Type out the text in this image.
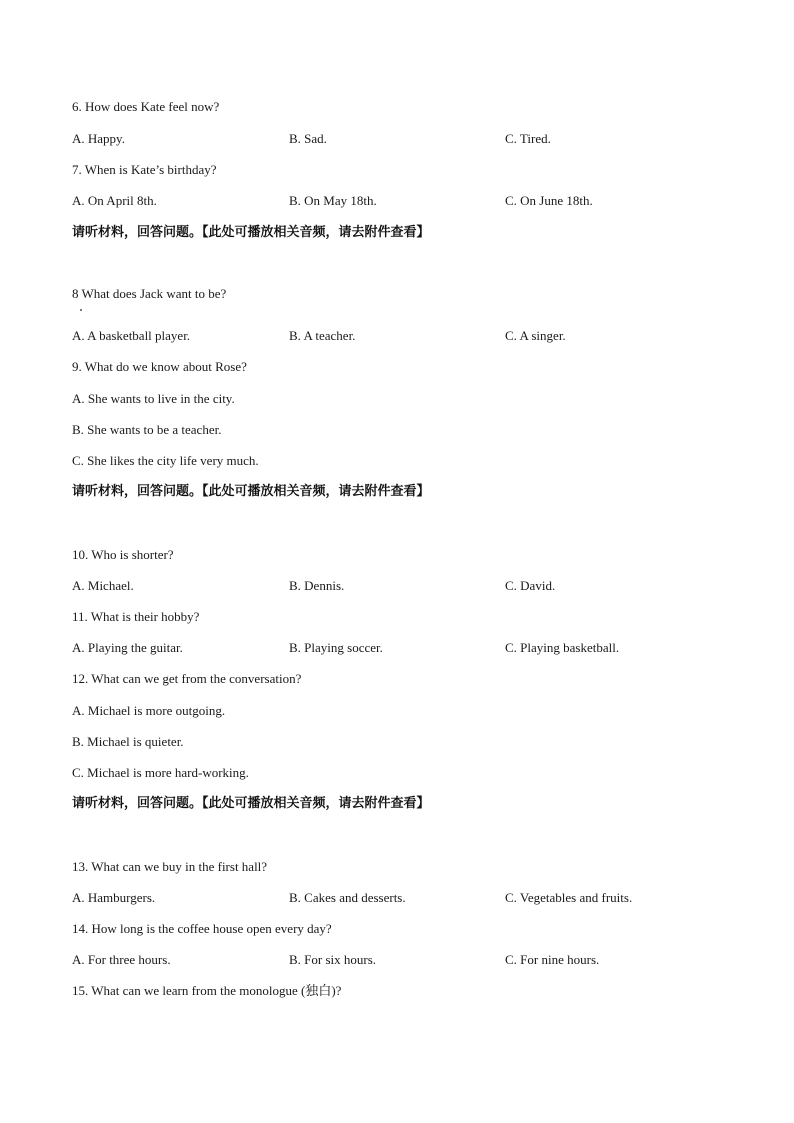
6. How does Kate feel now?
A. Happy.	B. Sad.	C. Tired.
7. When is Kate’s birthday?
A. On April 8th.	B. On May 18th.	C. On June 18th.
请听材料，回答问题。【此处可播放相关音频，请去附件查看】
8 What does Jack want to be?
A. A basketball player.	B. A teacher.	C. A singer.
9. What do we know about Rose?
A. She wants to live in the city.
B. She wants to be a teacher.
C. She likes the city life very much.
请听材料，回答问题。【此处可播放相关音频，请去附件查看】
10. Who is shorter?
A. Michael.	B. Dennis.	C. David.
11. What is their hobby?
A. Playing the guitar.	B. Playing soccer.	C. Playing basketball.
12. What can we get from the conversation?
A. Michael is more outgoing.
B. Michael is quieter.
C. Michael is more hard-working.
请听材料，回答问题。【此处可播放相关音频，请去附件查看】
13. What can we buy in the first hall?
A. Hamburgers.	B. Cakes and desserts.	C. Vegetables and fruits.
14. How long is the coffee house open every day?
A. For three hours.	B. For six hours.	C. For nine hours.
15. What can we learn from the monologue (独白)?
